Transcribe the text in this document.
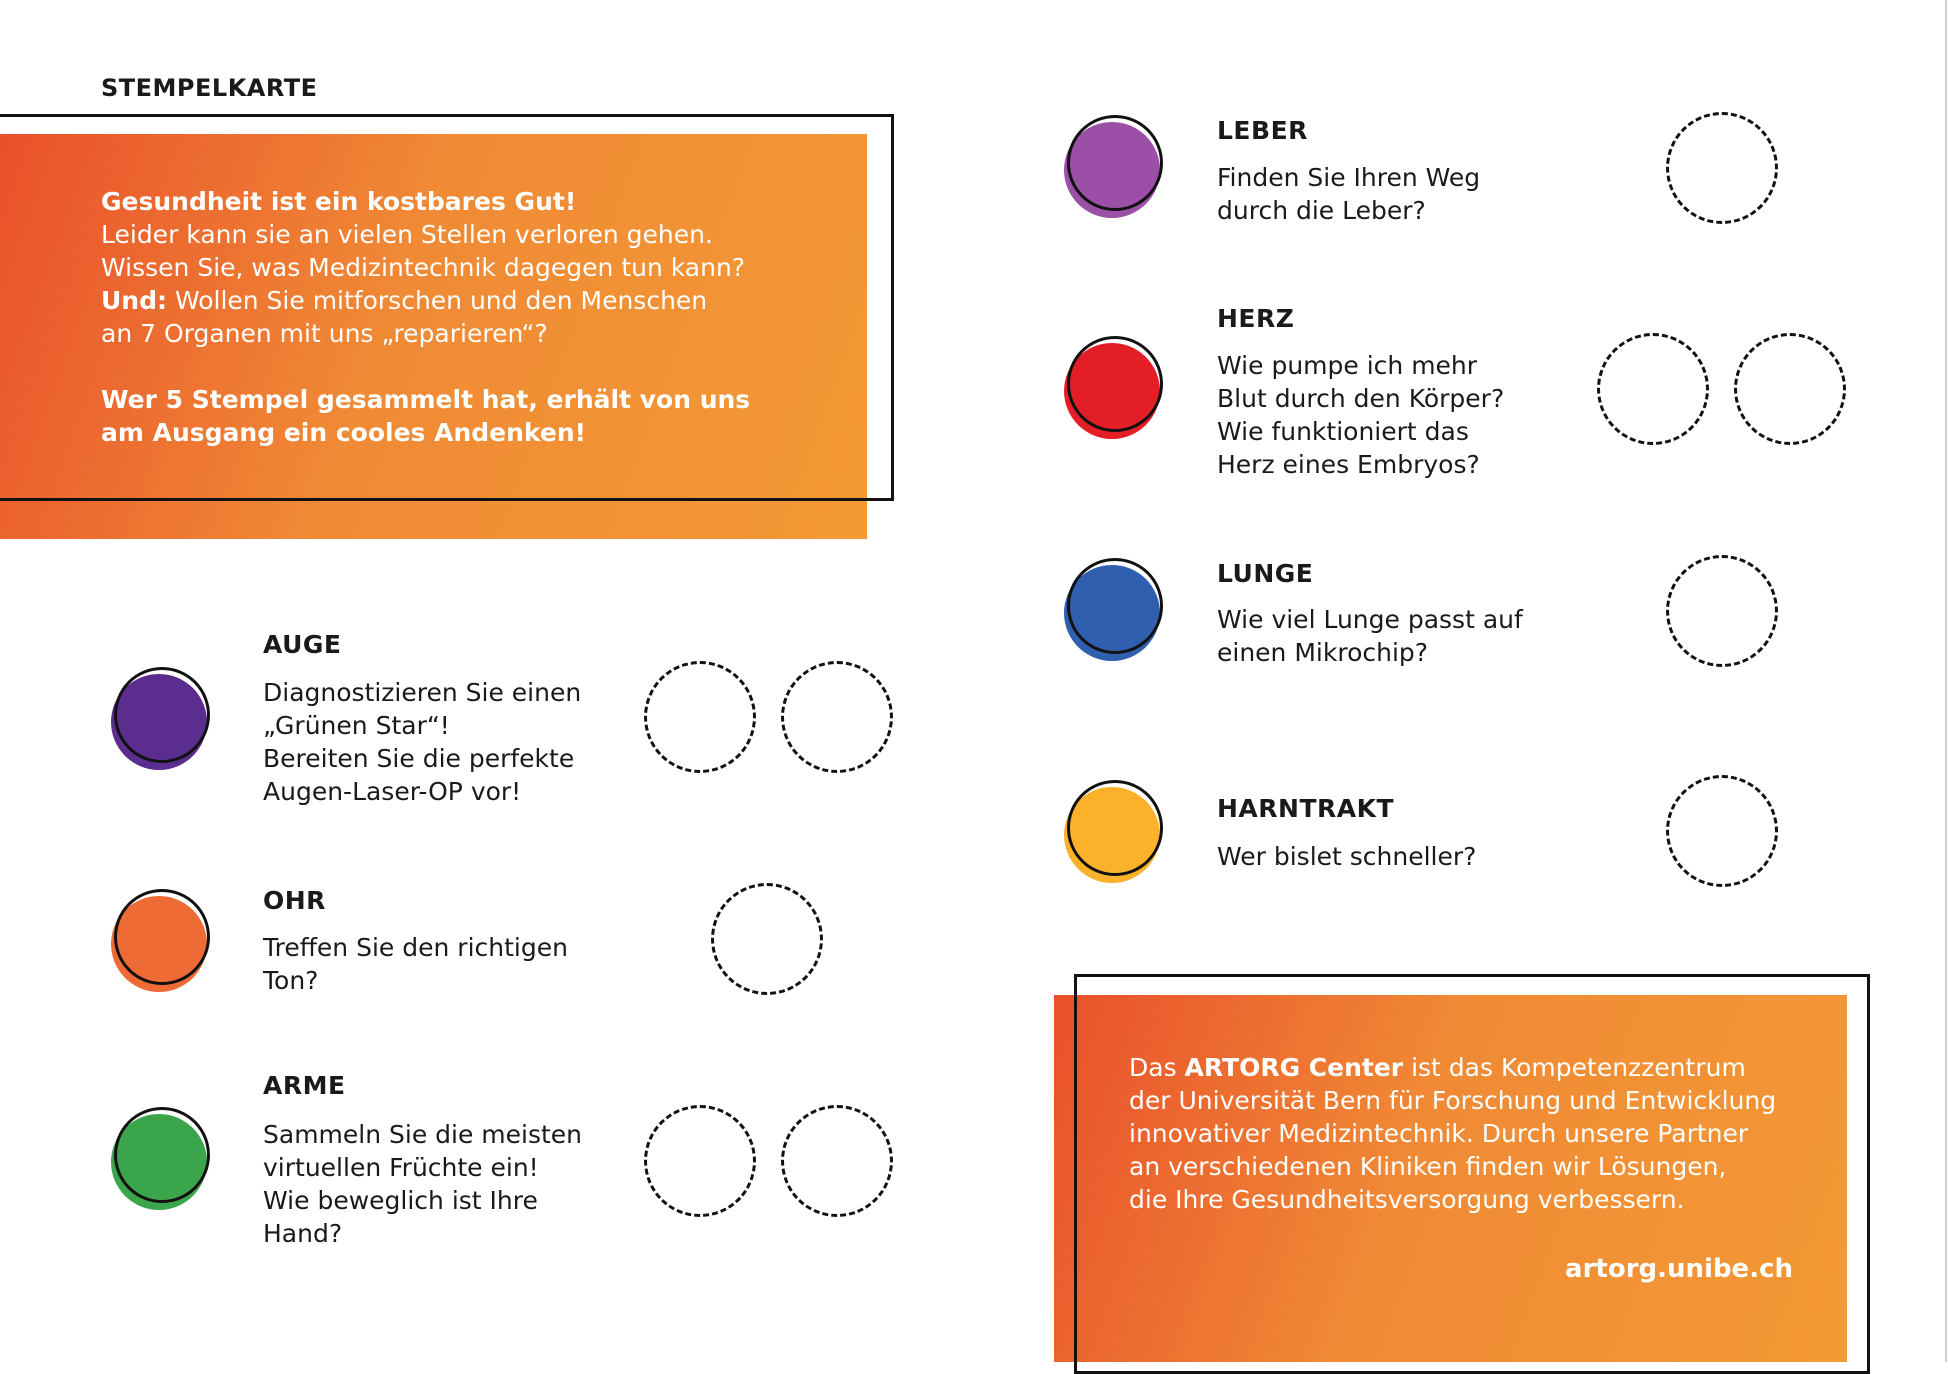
STEMPELKARTE

Gesundheit ist ein kostbares Gut!

Leider kann sie an vielen Stellen verloren gehen.

Wissen Sie, was Medizintechnik dagegen tun kann?

Und: Wollen Sie mitforschen und den Menschen

an 7 Organen mit uns „reparieren“?

Wer 5 Stempel gesammelt hat, erhält von uns

am Ausgang ein cooles Andenken!

AUGE
Diagnostizieren Sie einen
„Grünen Star“!
Bereiten Sie die perfekte
Augen-Laser-OP vor!
OHR
Treffen Sie den richtigen
Ton?
ARME
Sammeln Sie die meisten
virtuellen Früchte ein!
Wie beweglich ist Ihre
Hand?
LEBER
Finden Sie Ihren Weg
durch die Leber?
HERZ
Wie pumpe ich mehr
Blut durch den Körper?
Wie funktioniert das
Herz eines Embryos?
LUNGE
Wie viel Lunge passt auf
einen Mikrochip?
HARNTRAKT
Wer bislet schneller?
Das ARTORG Center ist das Kompetenzzentrum
der Universität Bern für Forschung und Entwicklung
innovativer Medizintechnik. Durch unsere Partner
an verschiedenen Kliniken finden wir Lösungen,
die Ihre Gesundheitsversorgung verbessern.
artorg.unibe.ch
